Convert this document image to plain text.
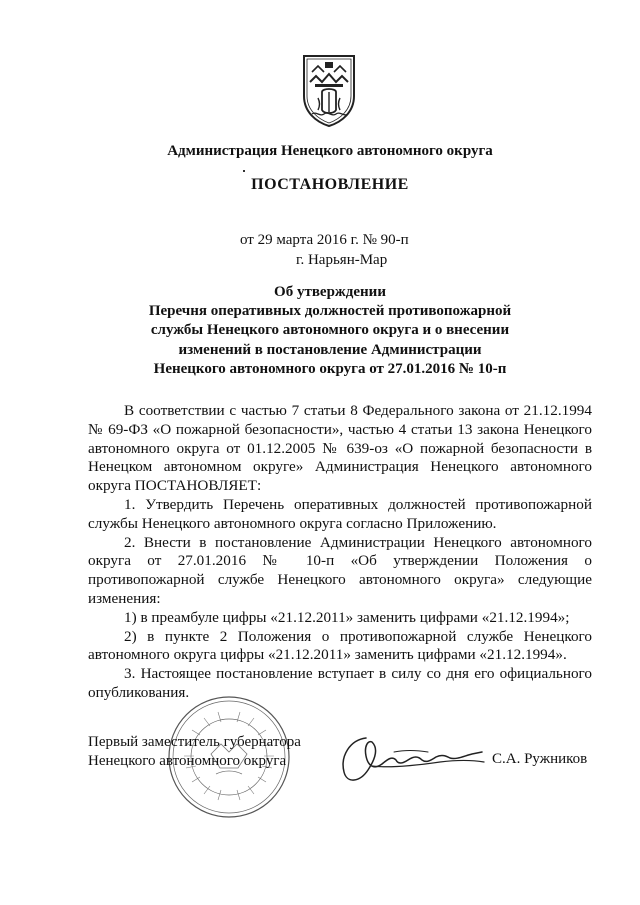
Администрация Ненецкого автономного округа
ПОСТАНОВЛЕНИЕ
от 29 марта 2016 г. № 90-п
г. Нарьян-Мар
Об утверждении
Перечня оперативных должностей противопожарной
службы Ненецкого автономного округа и о внесении
изменений в постановление Администрации
Ненецкого автономного округа от 27.01.2016 № 10-п

В соответствии с частью 7 статьи 8 Федерального закона от 21.12.1994 № 69-ФЗ «О пожарной безопасности», частью 4 статьи 13 закона Ненецкого автономного округа от 01.12.2005 № 639-оз «О пожарной безопасности в Ненецком автономном округе» Администрация Ненецкого автономного округа ПОСТАНОВЛЯЕТ:

1. Утвердить Перечень оперативных должностей противопожарной службы Ненецкого автономного округа согласно Приложению.

2. Внести в постановление Администрации Ненецкого автономного округа от 27.01.2016 № 10-п «Об утверждении Положения о противопожарной службе Ненецкого автономного округа» следующие изменения:

1) в преамбуле цифры «21.12.2011» заменить цифрами «21.12.1994»;

2) в пункте 2 Положения о противопожарной службе Ненецкого автономного округа цифры «21.12.2011» заменить цифрами «21.12.1994».

3. Настоящее постановление вступает в силу со дня его официального опубликования.

Первый заместитель губернатора
Ненецкого автономного округа	С.А. Ружников
